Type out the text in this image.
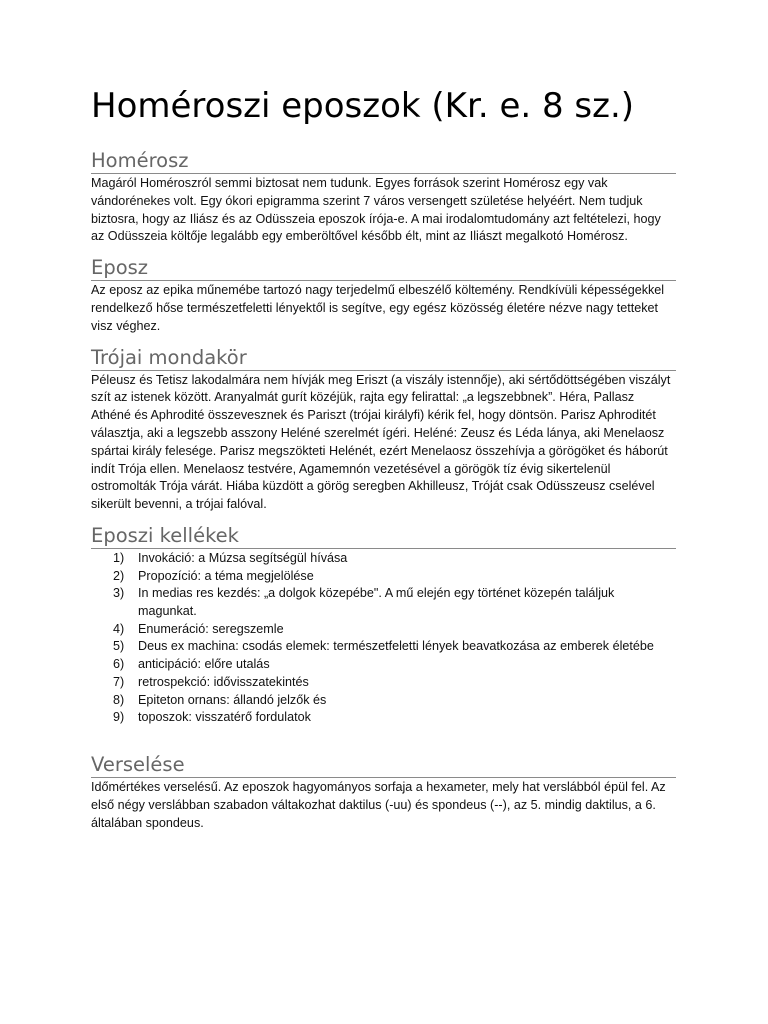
Homéroszi eposzok (Kr. e. 8 sz.)
Homérosz

Magáról Homéroszról semmi biztosat nem tudunk. Egyes források szerint Homérosz egy vak vándorénekes volt. Egy ókori epigramma szerint 7 város versengett születése helyéért. Nem tudjuk biztosra, hogy az Iliász és az Odüsszeia eposzok írója-e. A mai irodalomtudomány azt feltételezi, hogy az Odüsszeia költője legalább egy emberöltővel később élt, mint az Iliászt megalkotó Homérosz.

Eposz

Az eposz az epika műnemébe tartozó nagy terjedelmű elbeszélő költemény. Rendkívüli képességekkel rendelkező hőse természetfeletti lényektől is segítve, egy egész közösség életére nézve nagy tetteket visz véghez.

Trójai mondakör

Péleusz és Tetisz lakodalmára nem hívják meg Eriszt (a viszály istennője), aki sértődöttségében viszályt szít az istenek között. Aranyalmát gurít közéjük, rajta egy felirattal: „a legszebbnek”. Héra, Pallasz Athéné és Aphrodité összevesznek és Pariszt (trójai királyfi) kérik fel, hogy döntsön. Parisz Aphroditét választja, aki a legszebb asszony Heléné szerelmét ígéri. Heléné: Zeusz és Léda lánya, aki Menelaosz spártai király felesége. Parisz megszökteti Helénét, ezért Menelaosz összehívja a görögöket és háborút indít Trója ellen. Menelaosz testvére, Agamemnón vezetésével a görögök tíz évig sikertelenül ostromolták Trója várát. Hiába küzdött a görög seregben Akhilleusz, Tróját csak Odüsszeusz cselével sikerült bevenni, a trójai falóval.

Eposzi kellékek
1) Invokáció: a Múzsa segítségül hívása
2) Propozíció: a téma megjelölése
3) In medias res kezdés: „a dolgok közepébe". A mű elején egy történet közepén találjuk magunkat.
4) Enumeráció: seregszemle
5) Deus ex machina: csodás elemek: természetfeletti lények beavatkozása az emberek életébe
6) anticipáció: előre utalás
7) retrospekció: idővisszatekintés
8) Epiteton ornans: állandó jelzők és
9) toposzok: visszatérő fordulatok
Verselése

Időmértékes verselésű. Az eposzok hagyományos sorfaja a hexameter, mely hat verslábból épül fel. Az első négy verslábban szabadon váltakozhat daktilus (-uu) és spondeus (--), az 5. mindig daktilus, a 6. általában spondeus.
